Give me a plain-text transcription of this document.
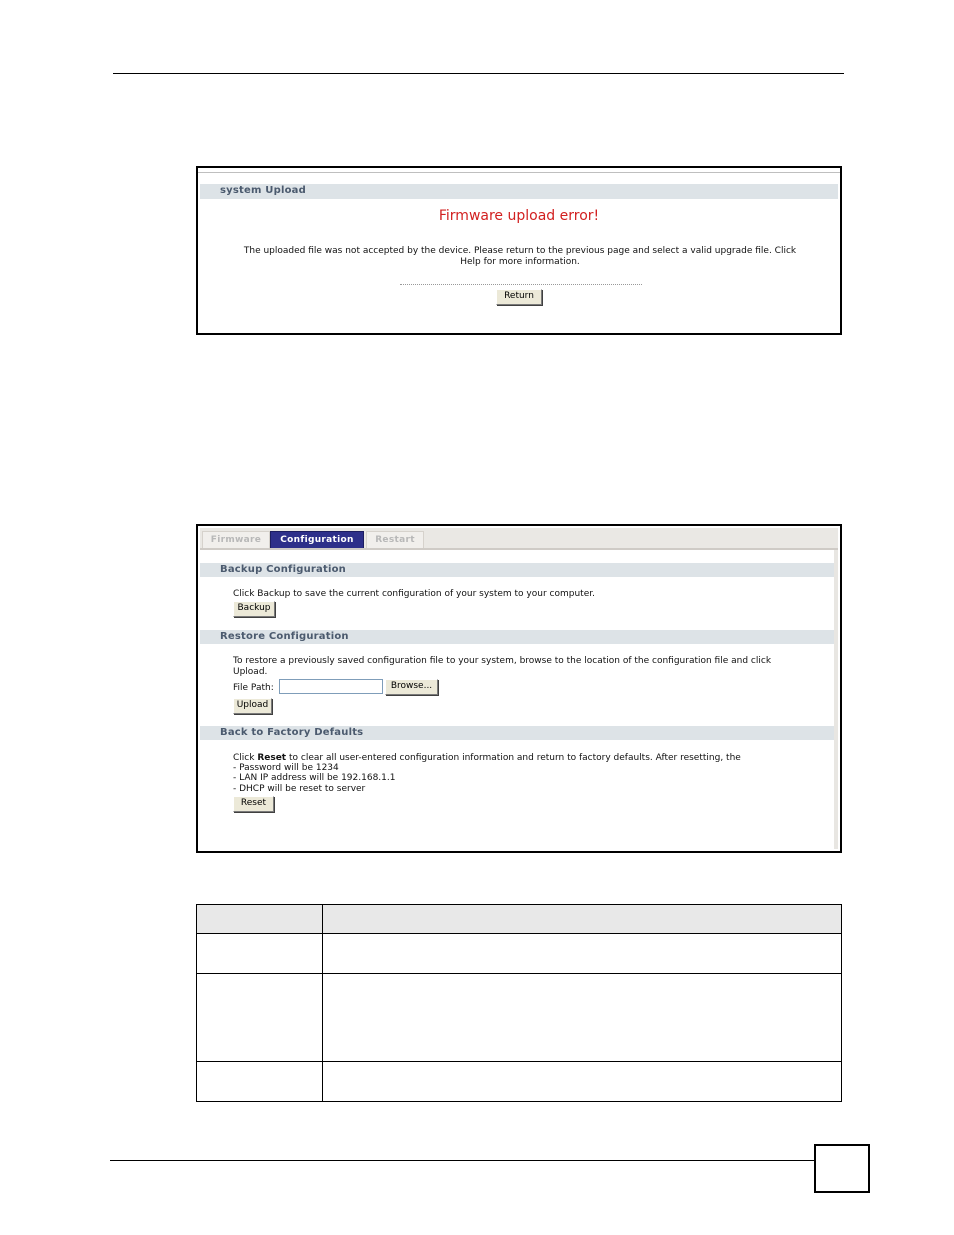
system Upload
Firmware upload error!
The uploaded file was not accepted by the device. Please return to the previous page and select a valid upgrade file. Click Help for more information.
Return
Firmware	Configuration	Restart
Backup Configuration
Click Backup to save the current configuration of your system to your computer.
Backup
Restore Configuration
To restore a previously saved configuration file to your system, browse to the location of the configuration file and click Upload.
File Path:	Browse...
Upload
Back to Factory Defaults
Click Reset to clear all user-entered configuration information and return to factory defaults. After resetting, the
- Password will be 1234
- LAN IP address will be 192.168.1.1
- DHCP will be reset to server
Reset
